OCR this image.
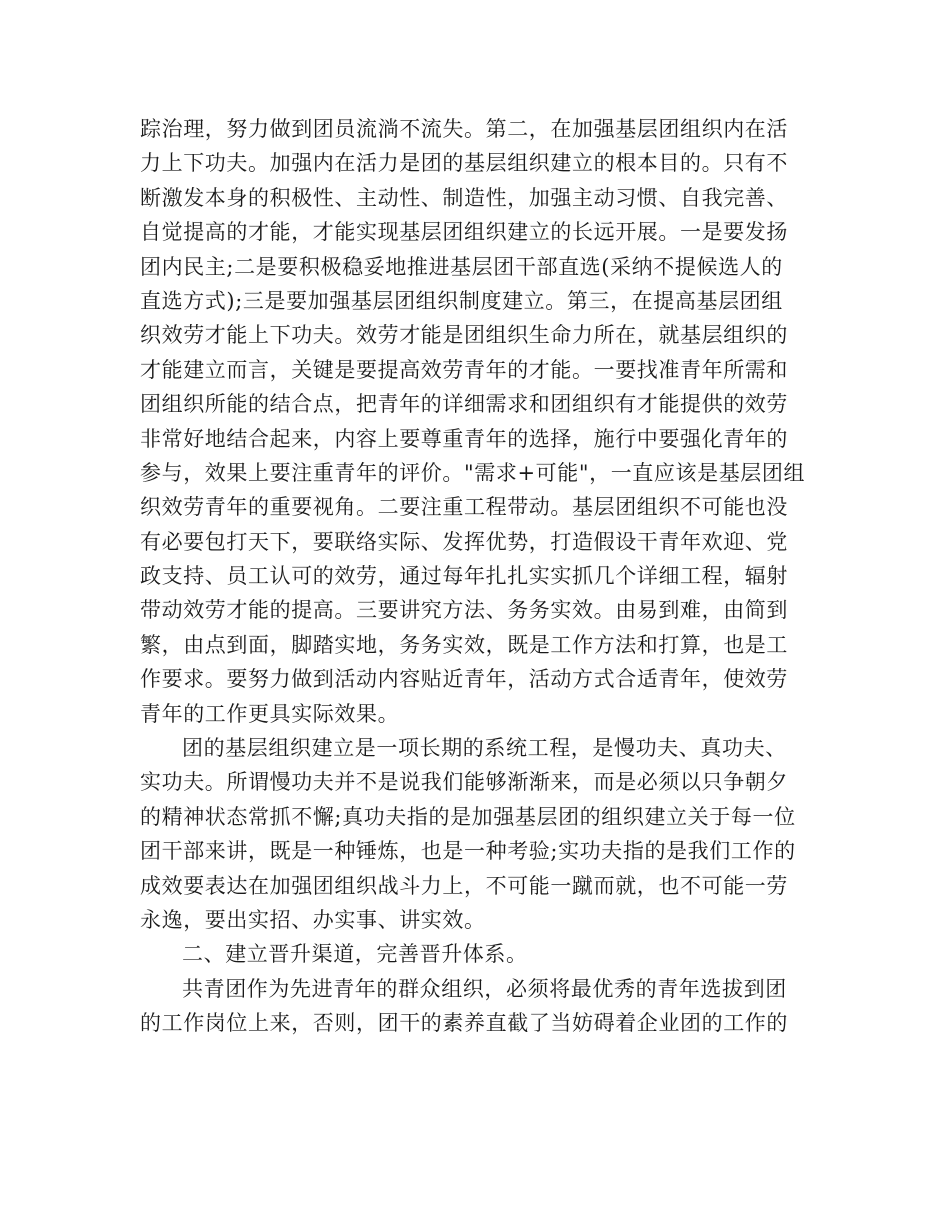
踪治理，努力做到团员流淌不流失。第二，在加强基层团组织内在活
力上下功夫。加强内在活力是团的基层组织建立的根本目的。只有不
断激发本身的积极性、主动性、制造性，加强主动习惯、自我完善、
自觉提高的才能，才能实现基层团组织建立的长远开展。一是要发扬
团内民主;二是要积极稳妥地推进基层团干部直选(采纳不提候选人的
直选方式);三是要加强基层团组织制度建立。第三，在提高基层团组
织效劳才能上下功夫。效劳才能是团组织生命力所在，就基层组织的
才能建立而言，关键是要提高效劳青年的才能。一要找准青年所需和
团组织所能的结合点，把青年的详细需求和团组织有才能提供的效劳
非常好地结合起来，内容上要尊重青年的选择，施行中要强化青年的
参与，效果上要注重青年的评价。"需求+可能"，一直应该是基层团组
织效劳青年的重要视角。二要注重工程带动。基层团组织不可能也没
有必要包打天下，要联络实际、发挥优势，打造假设干青年欢迎、党
政支持、员工认可的效劳，通过每年扎扎实实抓几个详细工程，辐射
带动效劳才能的提高。三要讲究方法、务务实效。由易到难，由简到
繁，由点到面，脚踏实地，务务实效，既是工作方法和打算，也是工
作要求。要努力做到活动内容贴近青年，活动方式合适青年，使效劳
青年的工作更具实际效果。
团的基层组织建立是一项长期的系统工程，是慢功夫、真功夫、
实功夫。所谓慢功夫并不是说我们能够渐渐来，而是必须以只争朝夕
的精神状态常抓不懈;真功夫指的是加强基层团的组织建立关于每一位
团干部来讲，既是一种锤炼，也是一种考验;实功夫指的是我们工作的
成效要表达在加强团组织战斗力上，不可能一蹴而就，也不可能一劳
永逸，要出实招、办实事、讲实效。
二、建立晋升渠道，完善晋升体系。
共青团作为先进青年的群众组织，必须将最优秀的青年选拔到团
的工作岗位上来，否则，团干的素养直截了当妨碍着企业团的工作的
